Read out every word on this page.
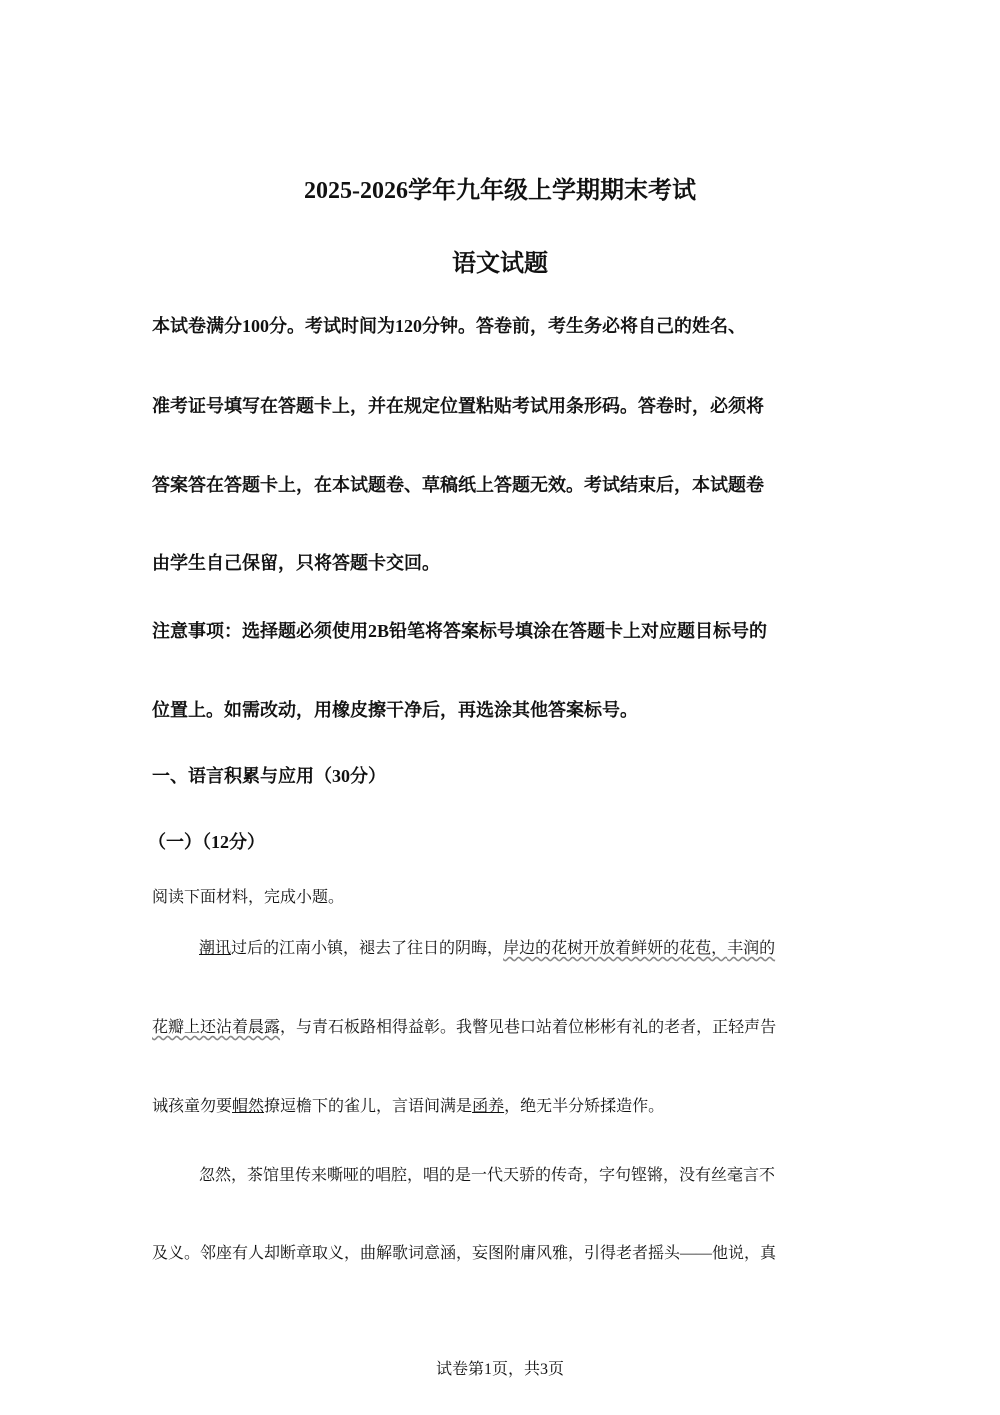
2025-2026学年九年级上学期期末考试
语文试题

本试卷满分100分。考试时间为120分钟。答卷前，考生务必将自己的姓名、

准考证号填写在答题卡上，并在规定位置粘贴考试用条形码。答卷时，必须将

答案答在答题卡上，在本试题卷、草稿纸上答题无效。考试结束后，本试题卷

由学生自己保留，只将答题卡交回。

注意事项：选择题必须使用2B铅笔将答案标号填涂在答题卡上对应题目标号的

位置上。如需改动，用橡皮擦干净后，再选涂其他答案标号。

一、语言积累与应用（30分）

（一）（12分）

阅读下面材料，完成小题。

潮讯过后的江南小镇，褪去了往日的阴晦，岸边的花树开放着鲜妍的花苞，丰润的

花瓣上还沾着晨露，与青石板路相得益彰。我瞥见巷口站着位彬彬有礼的老者，正轻声告

诫孩童勿要帽然撩逗檐下的雀儿，言语间满是函养，绝无半分矫揉造作。

忽然，茶馆里传来嘶哑的唱腔，唱的是一代天骄的传奇，字句铿锵，没有丝毫言不

及义。邻座有人却断章取义，曲解歌词意涵，妄图附庸风雅，引得老者摇头——他说，真

试卷第1页，共3页
